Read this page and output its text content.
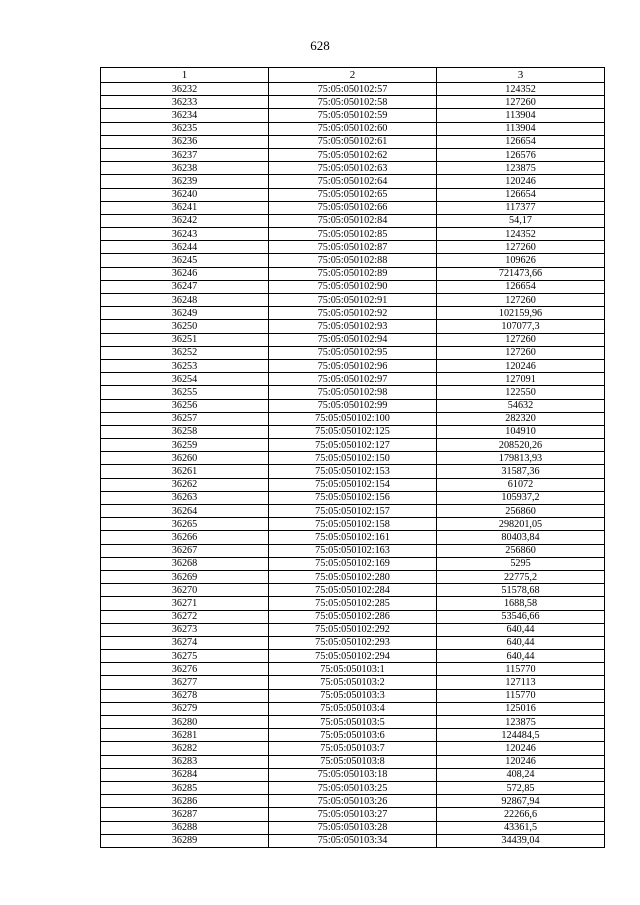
628
1	2	3
36232	75:05:050102:57	124352
36233	75:05:050102:58	127260
36234	75:05:050102:59	113904
36235	75:05:050102:60	113904
36236	75:05:050102:61	126654
36237	75:05:050102:62	126576
36238	75:05:050102:63	123875
36239	75:05:050102:64	120246
36240	75:05:050102:65	126654
36241	75:05:050102:66	117377
36242	75:05:050102:84	54,17
36243	75:05:050102:85	124352
36244	75:05:050102:87	127260
36245	75:05:050102:88	109626
36246	75:05:050102:89	721473,66
36247	75:05:050102:90	126654
36248	75:05:050102:91	127260
36249	75:05:050102:92	102159,96
36250	75:05:050102:93	107077,3
36251	75:05:050102:94	127260
36252	75:05:050102:95	127260
36253	75:05:050102:96	120246
36254	75:05:050102:97	127091
36255	75:05:050102:98	122550
36256	75:05:050102:99	54632
36257	75:05:050102:100	282320
36258	75:05:050102:125	104910
36259	75:05:050102:127	208520,26
36260	75:05:050102:150	179813,93
36261	75:05:050102:153	31587,36
36262	75:05:050102:154	61072
36263	75:05:050102:156	105937,2
36264	75:05:050102:157	256860
36265	75:05:050102:158	298201,05
36266	75:05:050102:161	80403,84
36267	75:05:050102:163	256860
36268	75:05:050102:169	5295
36269	75:05:050102:280	22775,2
36270	75:05:050102:284	51578,68
36271	75:05:050102:285	1688,58
36272	75:05:050102:286	53546,66
36273	75:05:050102:292	640,44
36274	75:05:050102:293	640,44
36275	75:05:050102:294	640,44
36276	75:05:050103:1	115770
36277	75:05:050103:2	127113
36278	75:05:050103:3	115770
36279	75:05:050103:4	125016
36280	75:05:050103:5	123875
36281	75:05:050103:6	124484,5
36282	75:05:050103:7	120246
36283	75:05:050103:8	120246
36284	75:05:050103:18	408,24
36285	75:05:050103:25	572,85
36286	75:05:050103:26	92867,94
36287	75:05:050103:27	22266,6
36288	75:05:050103:28	43361,5
36289	75:05:050103:34	34439,04
